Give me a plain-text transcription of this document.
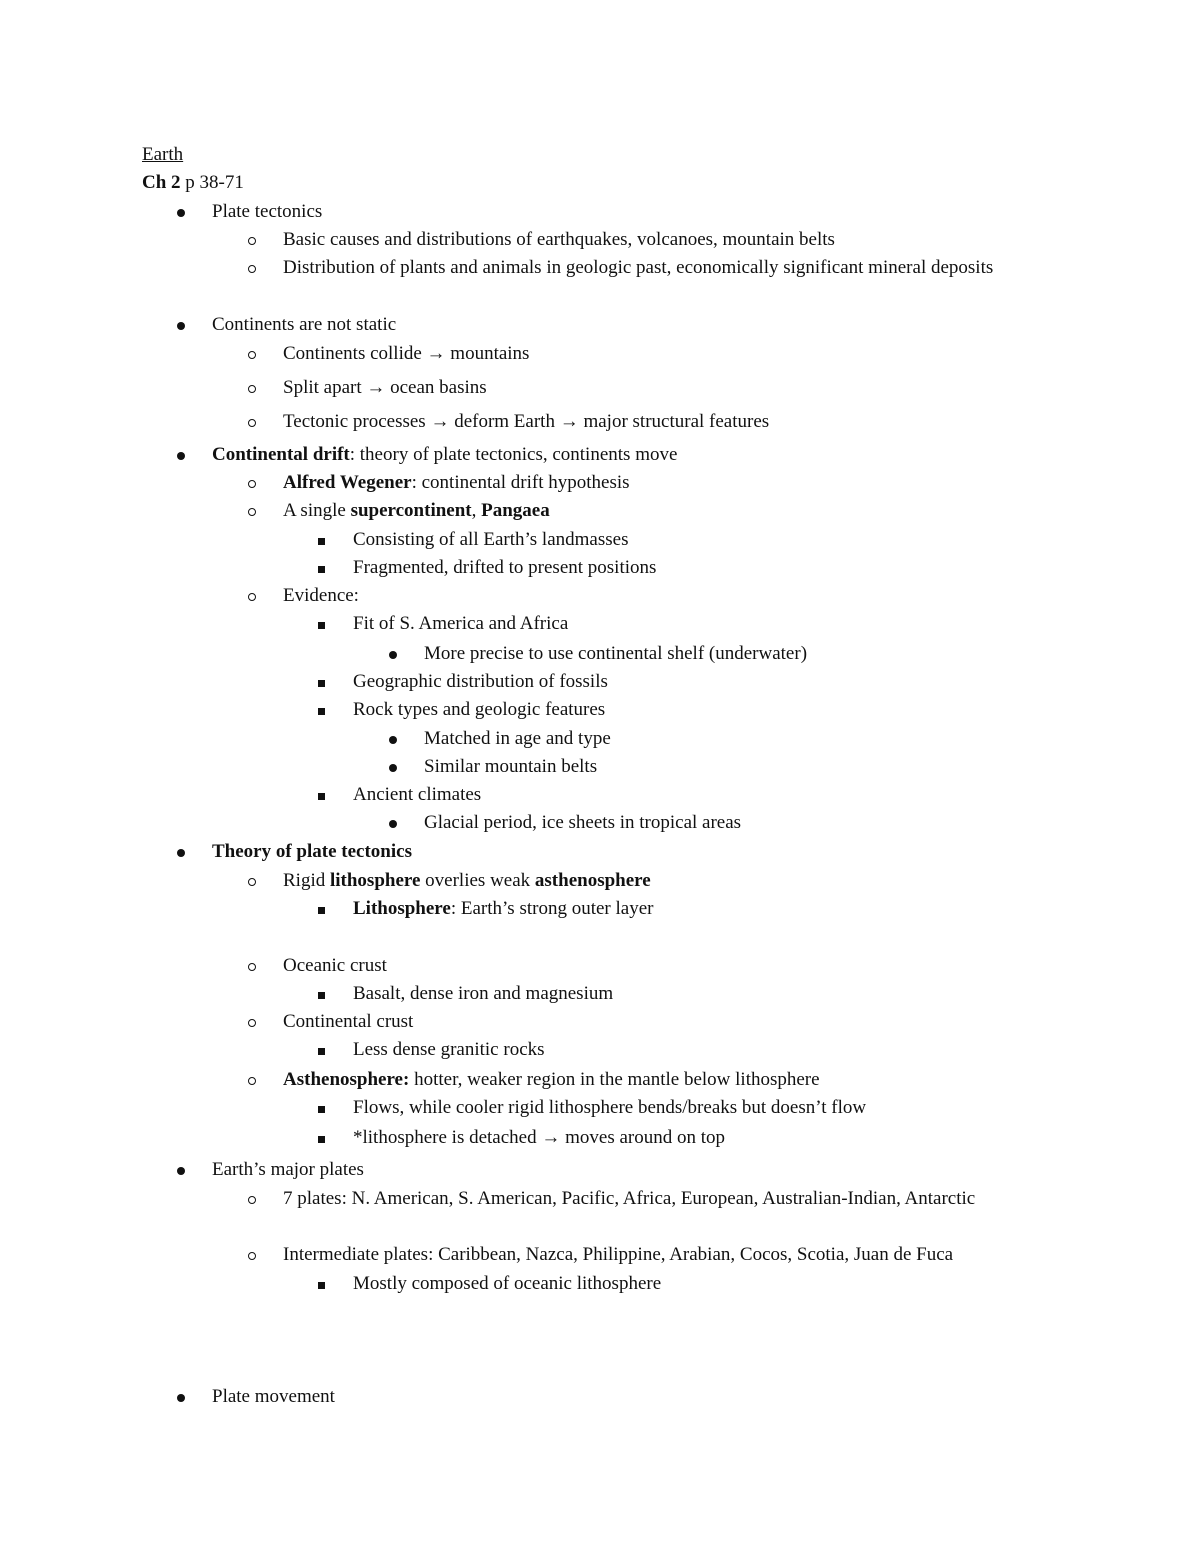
Earth
Ch 2 p 38-71
Plate tectonics
Basic causes and distributions of earthquakes, volcanoes, mountain belts
Distribution of plants and animals in geologic past, economically significant mineral deposits
Continents are not static
Continents collide → mountains
Split apart → ocean basins
Tectonic processes → deform Earth → major structural features
Continental drift: theory of plate tectonics, continents move
Alfred Wegener: continental drift hypothesis
A single supercontinent, Pangaea
Consisting of all Earth’s landmasses
Fragmented, drifted to present positions
Evidence:
Fit of S. America and Africa
More precise to use continental shelf (underwater)
Geographic distribution of fossils
Rock types and geologic features
Matched in age and type
Similar mountain belts
Ancient climates
Glacial period, ice sheets in tropical areas
Theory of plate tectonics
Rigid lithosphere overlies weak asthenosphere
Lithosphere: Earth’s strong outer layer
Oceanic crust
Basalt, dense iron and magnesium
Continental crust
Less dense granitic rocks
Asthenosphere: hotter, weaker region in the mantle below lithosphere
Flows, while cooler rigid lithosphere bends/breaks but doesn’t flow
*lithosphere is detached → moves around on top
Earth’s major plates
7 plates: N. American, S. American, Pacific, Africa, European, Australian-Indian, Antarctic
Intermediate plates: Caribbean, Nazca, Philippine, Arabian, Cocos, Scotia, Juan de Fuca
Mostly composed of oceanic lithosphere
Plate movement
